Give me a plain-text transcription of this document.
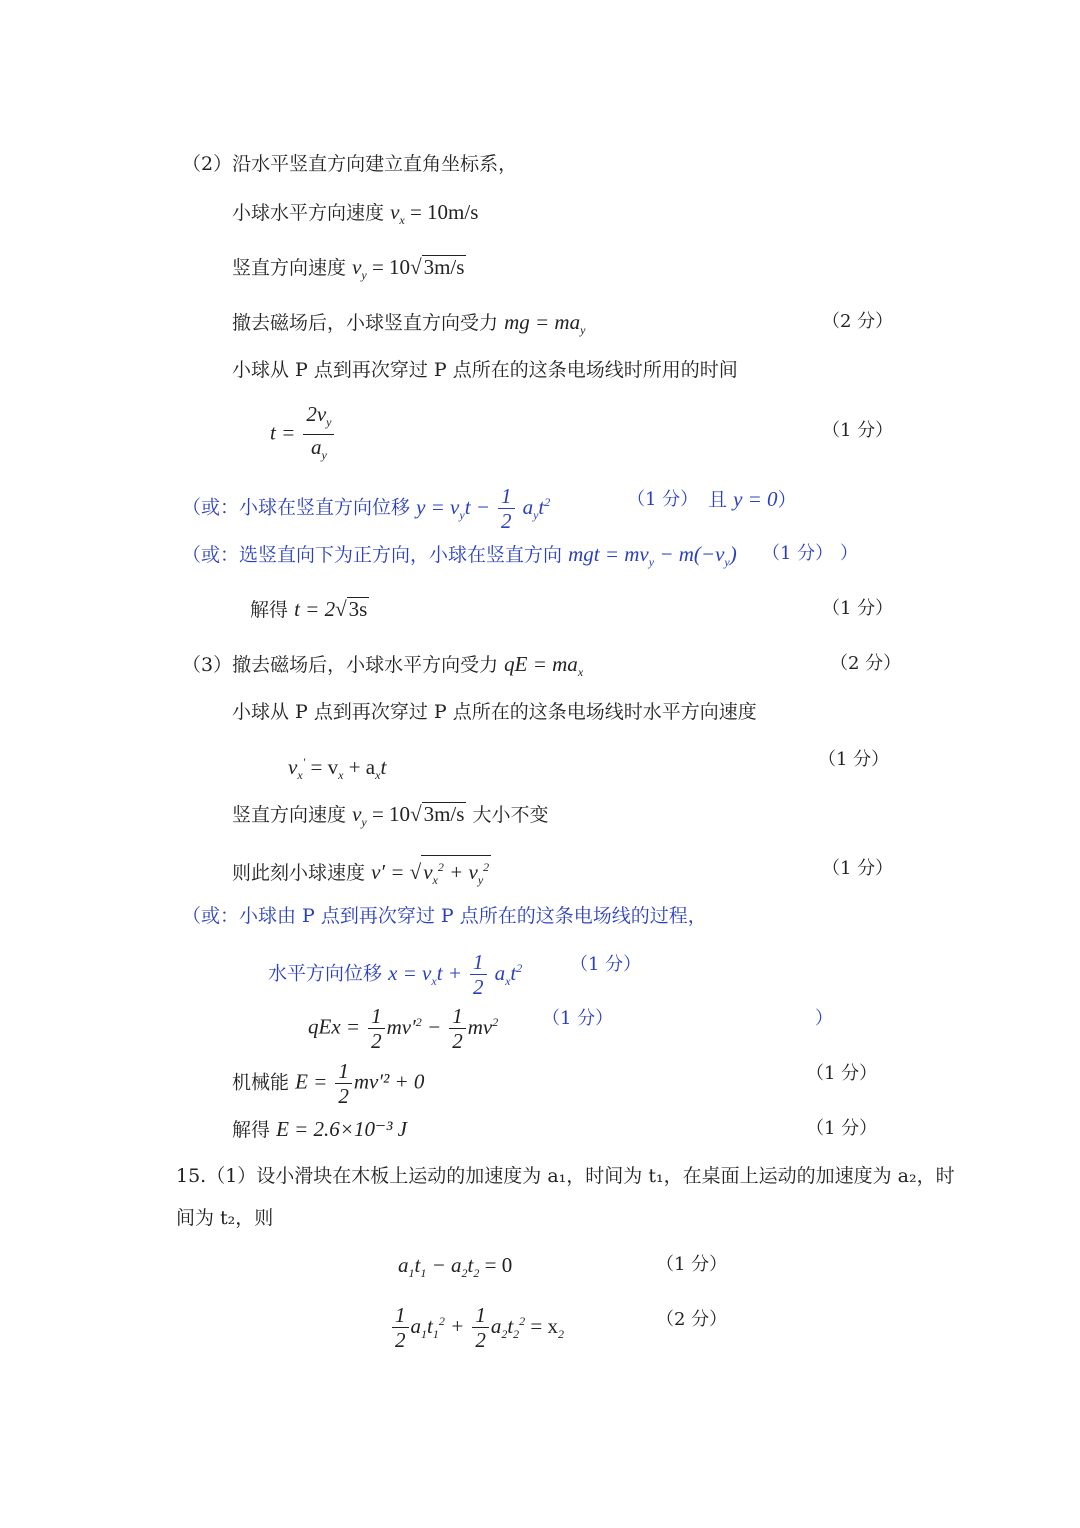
（2）沿水平竖直方向建立直角坐标系，
小球水平方向速度 $v_x = 10m/s$
竖直方向速度 $v_y = 10√3m/s$
撤去磁场后，小球竖直方向受力 mg = $ma_y$	（2 分）
小球从 P 点到再次穿过 P 点所在的这条电场线时所用的时间
$t = \frac{2v_y}{a_y}$	（1 分）
（或：小球在竖直方向位移 $y = v_yt - \frac{1}{2} a_yt^2$	（1 分） 且 y = 0）
（或：选竖直向下为正方向，小球在竖直方向 mgt = $mv_y - m(-v_y)$ （1 分） ）
解得 t = 2√3s	（1 分）
（3）撤去磁场后，小球水平方向受力 qE = $ma_x$	（2 分）
小球从 P 点到再次穿过 P 点所在的这条电场线时水平方向速度
$v_x' = v_x + a_xt$	（1 分）
竖直方向速度 $v_y = 10√3m/s$ 大小不变
则此刻小球速度 $v' = √v_x^2 + v_y^2$	（1 分）
（或：小球由 P 点到再次穿过 P 点所在的这条电场线的过程，
水平方向位移 $x = v_xt + \frac{1}{2} a_xt^2$	（1 分）
qEx = $\frac{1}{2} mv'^2 - \frac{1}{2} mv^2$ （1 分）	）
机械能 $E = \frac{1}{2} mv'^2 + 0$	（1 分）
解得 E = 2.6×10⁻³ J	（1 分）
15.（1）设小滑块在木板上运动的加速度为 a₁，时间为 t₁，在桌面上运动的加速度为 a₂，时
间为 t₂，则
$a_1t_1 - a_2t_2 = 0$	（1 分）
$\frac{1}{2} a_1t_1^2 + \frac{1}{2} a_2t_2^2 = x_2$
（2 分）
